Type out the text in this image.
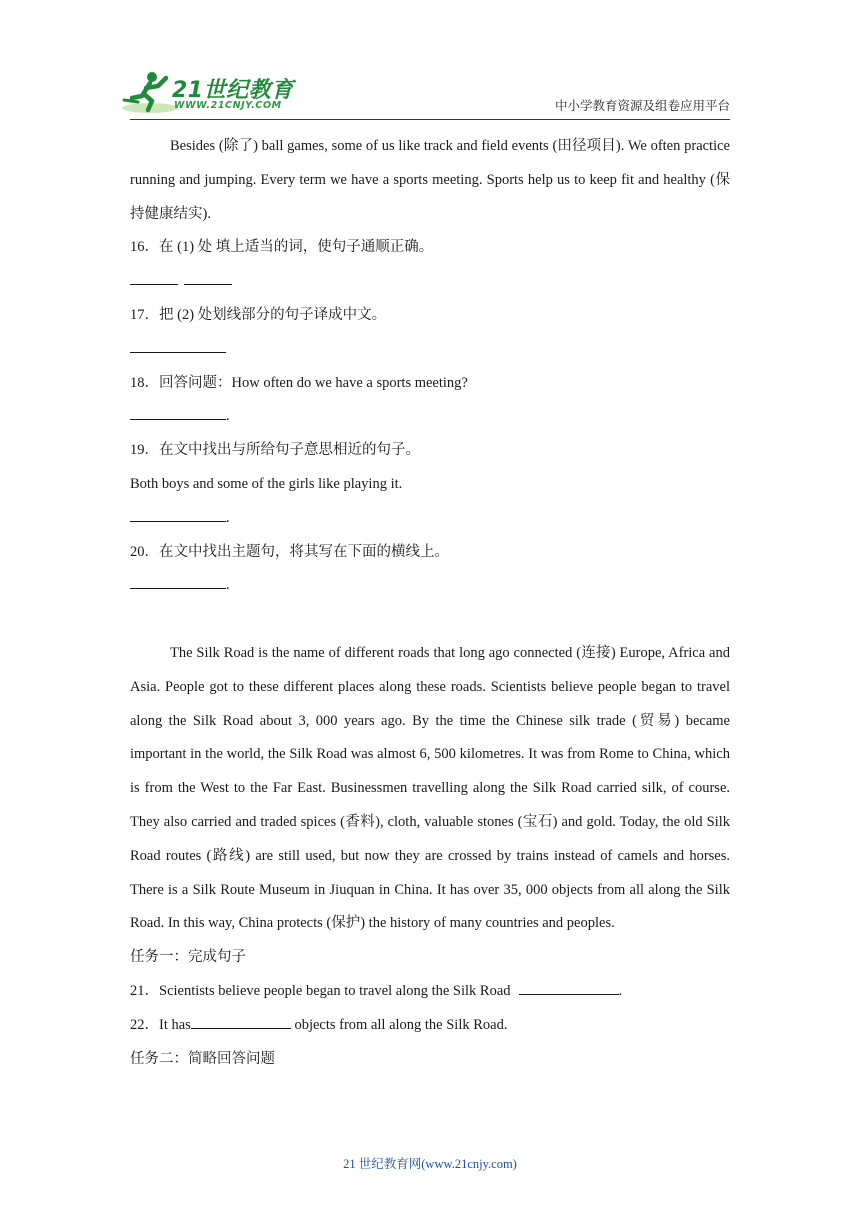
21世纪教育
WWW.21CNJY.COM	中小学教育资源及组卷应用平台

Besides (除了) ball games, some of us like track and field events (田径项目). We often practice running and jumping. Every term we have a sports meeting. Sports help us to keep fit and healthy (保持健康结实).

16．在 (1) 处 填上适当的词，使句子通顺正确。

17．把 (2) 处划线部分的句子译成中文。

18．回答问题：How often do we have a sports meeting?

.

19．在文中找出与所给句子意思相近的句子。

Both boys and some of the girls like playing it.

.

20．在文中找出主题句，将其写在下面的横线上。

.

The Silk Road is the name of different roads that long ago connected (连接) Europe, Africa and Asia. People got to these different places along these roads. Scientists believe people began to travel along the Silk Road about 3, 000 years ago. By the time the Chinese silk trade (贸易) became important in the world, the Silk Road was almost 6, 500 kilometres. It was from Rome to China, which is from the West to the Far East. Businessmen travelling along the Silk Road carried silk, of course. They also carried and traded spices (香料), cloth, valuable stones (宝石) and gold. Today, the old Silk Road routes (路线) are still used, but now they are crossed by trains instead of camels and horses. There is a Silk Route Museum in Jiuquan in China. It has over 35, 000 objects from all along the Silk Road. In this way, China protects (保护) the history of many countries and peoples.

任务一：完成句子

21．Scientists believe people began to travel along the Silk Road	.

22．It has	objects from all along the Silk Road.

任务二：简略回答问题

21 世纪教育网(www.21cnjy.com)
